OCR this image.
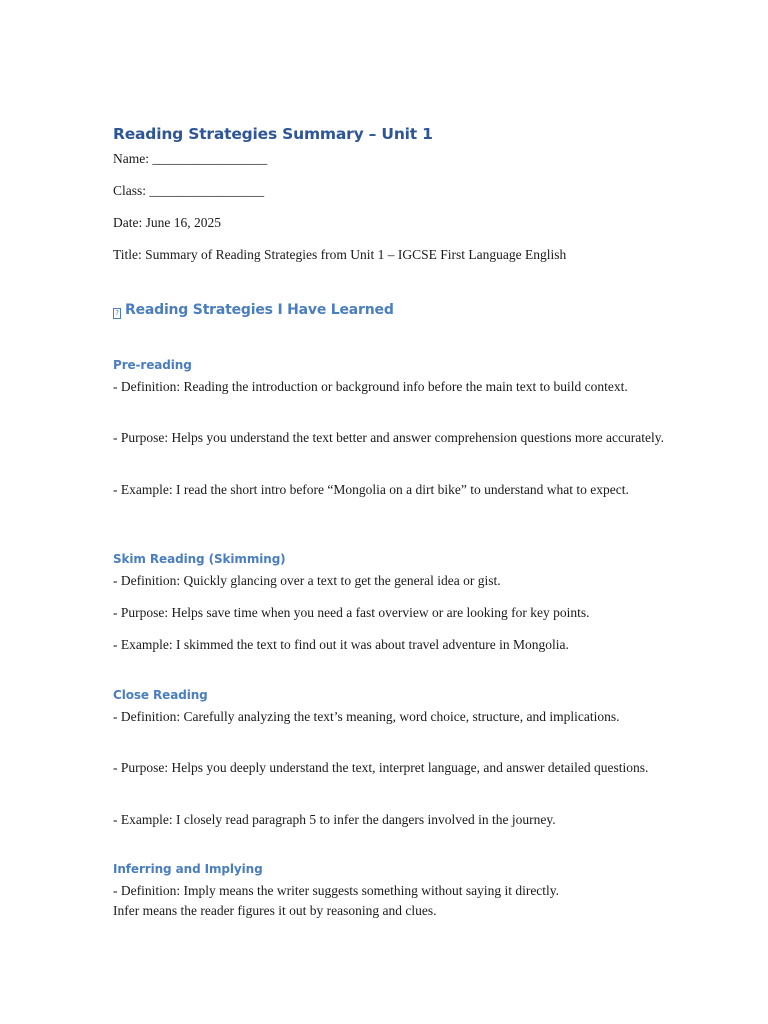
Reading Strategies Summary – Unit 1

Name: _________________

Class: _________________

Date: June 16, 2025

Title: Summary of Reading Strategies from Unit 1 – IGCSE First Language English

? Reading Strategies I Have Learned
Pre-reading

- Definition: Reading the introduction or background info before the main text to build context.

- Purpose: Helps you understand the text better and answer comprehension questions more accurately.

- Example: I read the short intro before “Mongolia on a dirt bike” to understand what to expect.

Skim Reading (Skimming)

- Definition: Quickly glancing over a text to get the general idea or gist.

- Purpose: Helps save time when you need a fast overview or are looking for key points.

- Example: I skimmed the text to find out it was about travel adventure in Mongolia.

Close Reading

- Definition: Carefully analyzing the text’s meaning, word choice, structure, and implications.

- Purpose: Helps you deeply understand the text, interpret language, and answer detailed questions.

- Example: I closely read paragraph 5 to infer the dangers involved in the journey.

Inferring and Implying

- Definition: Imply means the writer suggests something without saying it directly.

Infer means the reader figures it out by reasoning and clues.
